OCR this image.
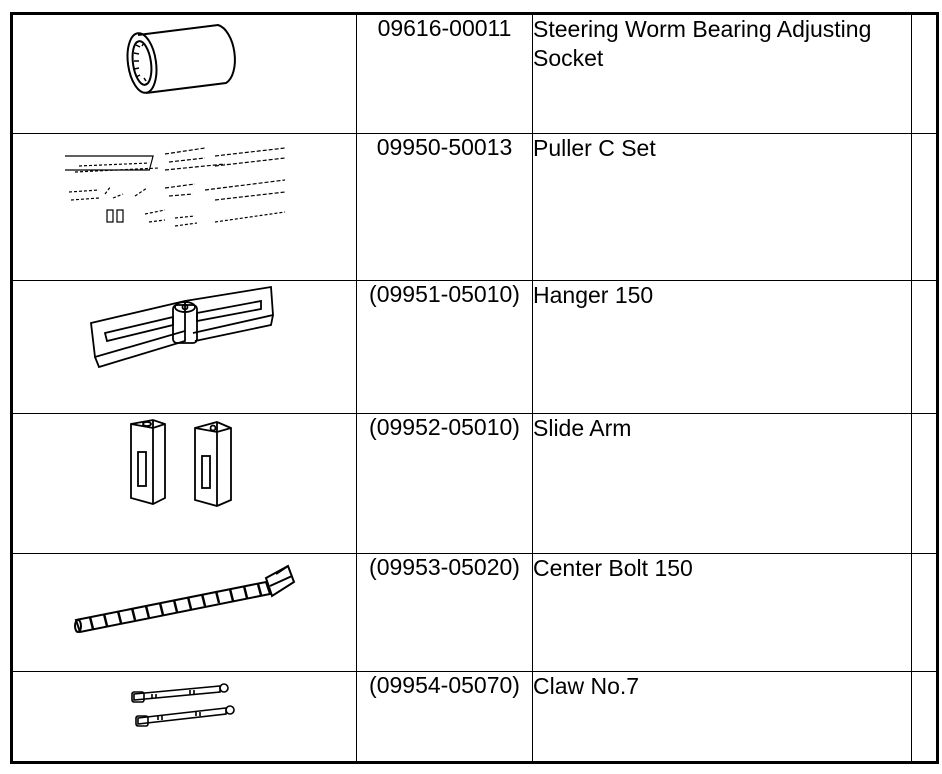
	09616-00011	Steering Worm Bearing Adjusting Socket	

	09950-50013	Puller C Set	

	(09951-05010)	Hanger 150	

	(09952-05010)	Slide Arm	

	(09953-05020)	Center Bolt 150	

	(09954-05070)	Claw No.7	
